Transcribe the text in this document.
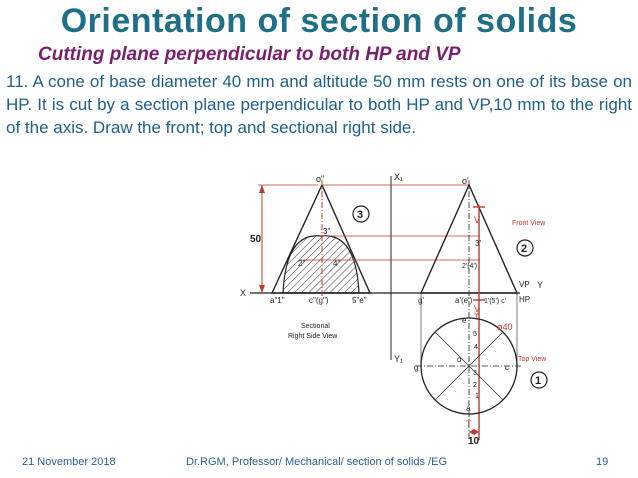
Orientation of section of solids
Cutting plane perpendicular to both HP and VP
11. A cone of base diameter 40 mm and altitude 50 mm rests on one of its base on HP. It is cut by a section plane perpendicular to both HP and VP,10 mm to the right of the axis. Draw the front; top and sectional right side.
50
V
V
10
T
T
3
2
1
X₁
Y₁
o"	o'
3"
2"	4"
X
Y
a"1"	c"(g")	5"e"	g'	a'(e') 1'(5') c'
VP
HP
3'
2'(4')
Front View
Top View
Sectional
Right Side View
e
5
4
ø40
o
g	c
3
2
1
a
21 November 2018	Dr.RGM, Professor/ Mechanical/ section of solids /EG	19
